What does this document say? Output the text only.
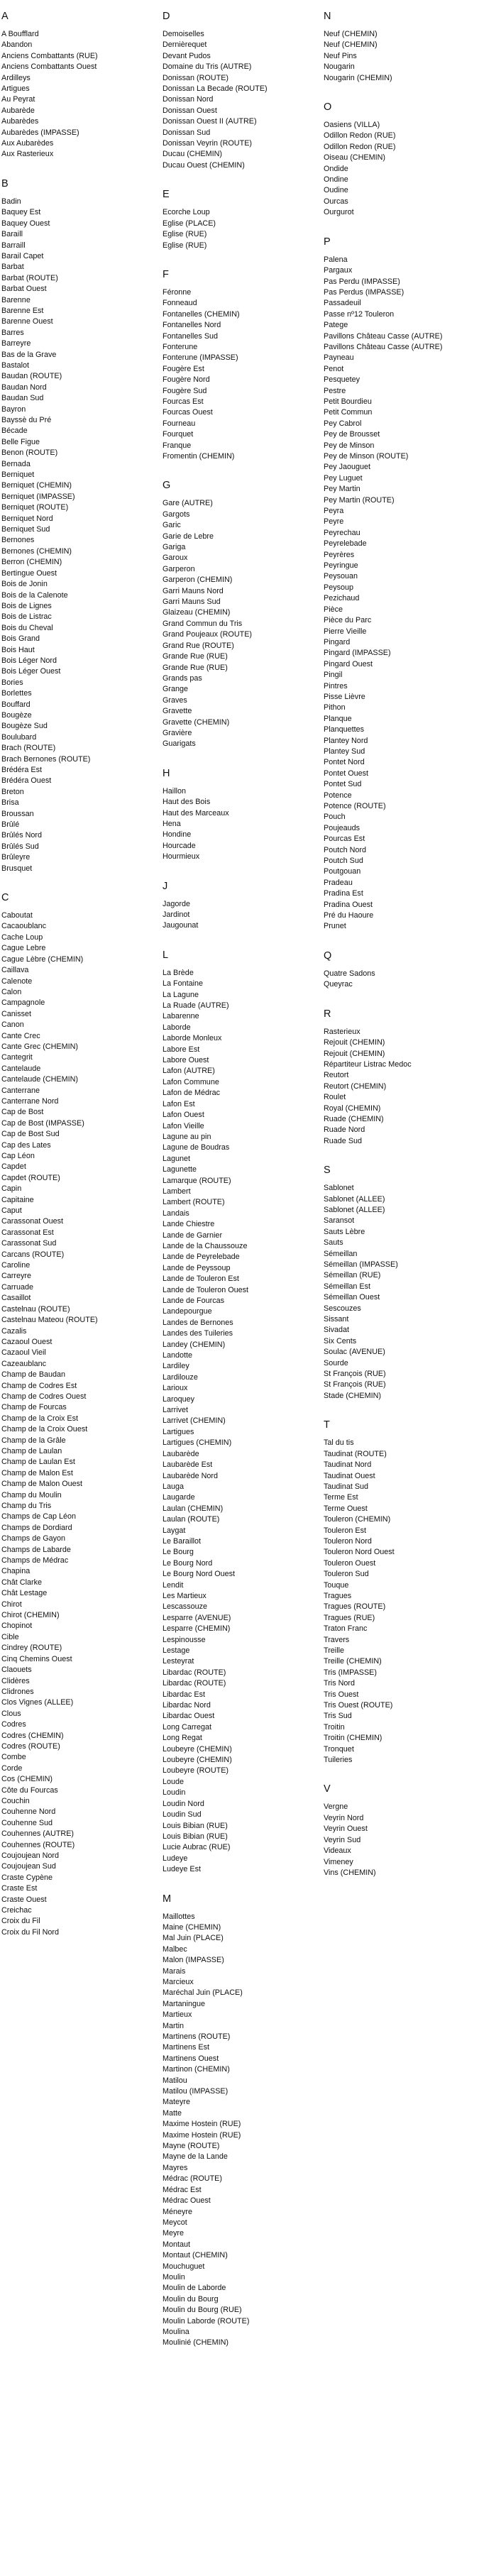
A
A Boufflard
Abandon
Anciens Combattants (RUE)
Anciens Combattants Ouest
Ardilleys
Artigues
Au Peyrat
Aubarède
Aubarèdes
Aubarèdes (IMPASSE)
Aux Aubarèdes
Aux Rasterieux
B
Badin
Baquey Est
Baquey Ouest
Baraill
Barraill
Barail Capet
Barbat
Barbat (ROUTE)
Barbat Ouest
Barenne
Barenne Est
Barenne Ouest
Barres
Barreyre
Bas de la Grave
Bastalot
Baudan (ROUTE)
Baudan Nord
Baudan Sud
Bayron
Bayssè du Pré
Bécade
Belle Figue
Benon (ROUTE)
Bernada
Berniquet
Berniquet (CHEMIN)
Berniquet (IMPASSE)
Berniquet (ROUTE)
Berniquet Nord
Berniquet Sud
Bernones
Bernones (CHEMIN)
Berron (CHEMIN)
Bertingue Ouest
Bois de Jonin
Bois de la Calenote
Bois de Lignes
Bois de Listrac
Bois du Cheval
Bois Grand
Bois Haut
Bois Léger Nord
Bois Léger Ouest
Bories
Borlettes
Bouffard
Bougèze
Bougèze Sud
Boulubard
Brach (ROUTE)
Brach Bernones (ROUTE)
Brédéra Est
Brédéra Ouest
Breton
Brisa
Broussan
Brûlé
Brûlés Nord
Brûlés Sud
Brûleyre
Brusquet
C
Caboutat
Cacaoublanc
Cache Loup
Cague Lebre
Cague Lèbre (CHEMIN)
Caillava
Calenote
Calon
Campagnole
Canisset
Canon
Cante Crec
Cante Grec (CHEMIN)
Cantegrit
Cantelaude
Cantelaude (CHEMIN)
Canterrane
Canterrane Nord
Cap de Bost
Cap de Bost (IMPASSE)
Cap de Bost Sud
Cap des Lates
Cap Léon
Capdet
Capdet (ROUTE)
Capin
Capitaine
Caput
Carassonat Ouest
Carassonat Est
Carassonat Sud
Carcans (ROUTE)
Caroline
Carreyre
Carruade
Casaillot
Castelnau (ROUTE)
Castelnau Mateou (ROUTE)
Cazalis
Cazaoul Ouest
Cazaoul Vieil
Cazeaublanc
Champ de Baudan
Champ de Codres Est
Champ de Codres Ouest
Champ de Fourcas
Champ de la Croix Est
Champ de la Croix Ouest
Champ de la Grâle
Champ de Laulan
Champ de Laulan Est
Champ de Malon Est
Champ de Malon Ouest
Champ du Moulin
Champ du Tris
Champs de Cap Léon
Champs de Dordiard
Champs de Gayon
Champs de Labarde
Champs de Médrac
Chapina
Chât Clarke
Chât Lestage
Chirot
Chirot (CHEMIN)
Chopinot
Cible
Cindrey (ROUTE)
Cinq Chemins Ouest
Claouets
Clidères
Clidrones
Clos Vignes (ALLEE)
Clous
Codres
Codres (CHEMIN)
Codres (ROUTE)
Combe
Corde
Cos (CHEMIN)
Côte du Fourcas
Couchin
Couhenne Nord
Couhenne Sud
Couhennes (AUTRE)
Couhennes (ROUTE)
Coujoujean Nord
Coujoujean Sud
Craste Cypène
Craste Est
Craste Ouest
Creichac
Croix du Fil
Croix du Fil Nord
D
Demoiselles
Dernièrequet
Devant Pudos
Domaine du Tris (AUTRE)
Donissan (ROUTE)
Donissan La Becade (ROUTE)
Donissan Nord
Donissan Ouest
Donissan Ouest II (AUTRE)
Donissan Sud
Donissan Veyrin (ROUTE)
Ducau (CHEMIN)
Ducau Ouest (CHEMIN)
E
Ecorche Loup
Eglise (PLACE)
Eglise (RUE)
Eglise (RUE)
F
Féronne
Fonneaud
Fontanelles (CHEMIN)
Fontanelles Nord
Fontanelles Sud
Fonterune
Fonterune (IMPASSE)
Fougère Est
Fougère Nord
Fougère Sud
Fourcas Est
Fourcas Ouest
Fourneau
Fourquet
Franque
Fromentin (CHEMIN)
G
Gare (AUTRE)
Gargots
Garic
Garie de Lebre
Gariga
Garoux
Garperon
Garperon (CHEMIN)
Garri Mauns Nord
Garri Mauns Sud
Glaizeau (CHEMIN)
Grand Commun du Tris
Grand Poujeaux (ROUTE)
Grand Rue (ROUTE)
Grande Rue (RUE)
Grande Rue (RUE)
Grands pas
Grange
Graves
Gravette
Gravette (CHEMIN)
Gravière
Guarigats
H
Haillon
Haut des Bois
Haut des Marceaux
Hena
Hondine
Hourcade
Hourmieux
J
Jagorde
Jardinot
Jaugounat
L
La Brède
La Fontaine
La Lagune
La Ruade (AUTRE)
Labarenne
Laborde
Laborde Monleux
Labore Est
Labore Ouest
Lafon (AUTRE)
Lafon Commune
Lafon de Médrac
Lafon Est
Lafon Ouest
Lafon Vieille
Lagune au pin
Lagune de Boudras
Lagunet
Lagunette
Lamarque (ROUTE)
Lambert
Lambert (ROUTE)
Landais
Lande Chiestre
Lande de Garnier
Lande de la Chaussouze
Lande de Peyrelebade
Lande de Peyssoup
Lande de Touleron Est
Lande de Touleron Ouest
Lande de Fourcas
Landepourgue
Landes de Bernones
Landes des Tuileries
Landey (CHEMIN)
Landotte
Lardiley
Lardilouze
Larioux
Laroquey
Larrivet
Larrivet (CHEMIN)
Lartigues
Lartigues (CHEMIN)
Laubarède
Laubarède Est
Laubarède Nord
Lauga
Laugarde
Laulan (CHEMIN)
Laulan (ROUTE)
Laygat
Le Baraillot
Le Bourg
Le Bourg Nord
Le Bourg Nord Ouest
Lendit
Les Martieux
Lescassouze
Lesparre (AVENUE)
Lesparre (CHEMIN)
Lespinousse
Lestage
Lesteyrat
Libardac (ROUTE)
Libardac (ROUTE)
Libardac Est
Libardac Nord
Libardac Ouest
Long Carregat
Long Regat
Loubeyre (CHEMIN)
Loubeyre (CHEMIN)
Loubeyre (ROUTE)
Loude
Loudin
Loudin Nord
Loudin Sud
Louis Bibian (RUE)
Louis Bibian (RUE)
Lucie Aubrac (RUE)
Ludeye
Ludeye Est
M
Maillottes
Maine (CHEMIN)
Mal Juin (PLACE)
Malbec
Malon (IMPASSE)
Marais
Marcieux
Maréchal Juin (PLACE)
Martaningue
Martieux
Martin
Martinens (ROUTE)
Martinens Est
Martinens Ouest
Martinon (CHEMIN)
Matilou
Matilou (IMPASSE)
Mateyre
Matte
Maxime Hostein (RUE)
Maxime Hostein (RUE)
Mayne (ROUTE)
Mayne de la Lande
Mayres
Médrac (ROUTE)
Médrac Est
Médrac Ouest
Méneyre
Meycot
Meyre
Montaut
Montaut (CHEMIN)
Mouchuguet
Moulin
Moulin de Laborde
Moulin du Bourg
Moulin du Bourg (RUE)
Moulin Laborde (ROUTE)
Moulina
Moulinié (CHEMIN)
N
Neuf (CHEMIN)
Neuf (CHEMIN)
Neuf Pins
Nougarin
Nougarin (CHEMIN)
O
Oasiens (VILLA)
Odillon Redon (RUE)
Odillon Redon (RUE)
Oiseau (CHEMIN)
Ondide
Ondine
Oudine
Ourcas
Ourgurot
P
Palena
Pargaux
Pas Perdu (IMPASSE)
Pas Perdus (IMPASSE)
Passadeuil
Passe nº12 Touleron
Patege
Pavillons Château Casse (AUTRE)
Pavillons Château Casse (AUTRE)
Payneau
Penot
Pesquetey
Pestre
Petit Bourdieu
Petit Commun
Pey Cabrol
Pey de Brousset
Pey de Minson
Pey de Minson (ROUTE)
Pey Jaouguet
Pey Luguet
Pey Martin
Pey Martin (ROUTE)
Peyra
Peyre
Peyrechau
Peyrelebade
Peyrères
Peyringue
Peysouan
Peysoup
Pezichaud
Pièce
Pièce du Parc
Pierre Vieille
Pingard
Pingard (IMPASSE)
Pingard Ouest
Pingil
Pintres
Pisse Lièvre
Pithon
Planque
Planquettes
Plantey Nord
Plantey Sud
Pontet Nord
Pontet Ouest
Pontet Sud
Potence
Potence (ROUTE)
Pouch
Poujeauds
Pourcas Est
Poutch Nord
Poutch Sud
Poutgouan
Pradeau
Pradina Est
Pradina Ouest
Pré du Haoure
Prunet
Q
Quatre Sadons
Queyrac
R
Rasterieux
Rejouit (CHEMIN)
Rejouit (CHEMIN)
Répartiteur Listrac Medoc
Reutort
Reutort (CHEMIN)
Roulet
Royal (CHEMIN)
Ruade (CHEMIN)
Ruade Nord
Ruade Sud
S
Sablonet
Sablonet (ALLEE)
Sablonet (ALLEE)
Saransot
Sauts Lèbre
Sauts
Sémeillan
Sémeillan (IMPASSE)
Sémeillan (RUE)
Sémeillan Est
Sémeillan Ouest
Sescouzes
Sissant
Sivadat
Six Cents
Soulac (AVENUE)
Sourde
St François (RUE)
St François (RUE)
Stade (CHEMIN)
T
Tal du tis
Taudinat (ROUTE)
Taudinat Nord
Taudinat Ouest
Taudinat Sud
Terme Est
Terme Ouest
Touleron (CHEMIN)
Touleron Est
Touleron Nord
Touleron Nord Ouest
Touleron Ouest
Touleron Sud
Touque
Tragues
Tragues (ROUTE)
Tragues (RUE)
Traton Franc
Travers
Treille
Treille (CHEMIN)
Tris (IMPASSE)
Tris Nord
Tris Ouest
Tris Ouest (ROUTE)
Tris Sud
Troitin
Troitin (CHEMIN)
Tronquet
Tuileries
V
Vergne
Veyrin Nord
Veyrin Ouest
Veyrin Sud
Videaux
Vimeney
Vins (CHEMIN)
